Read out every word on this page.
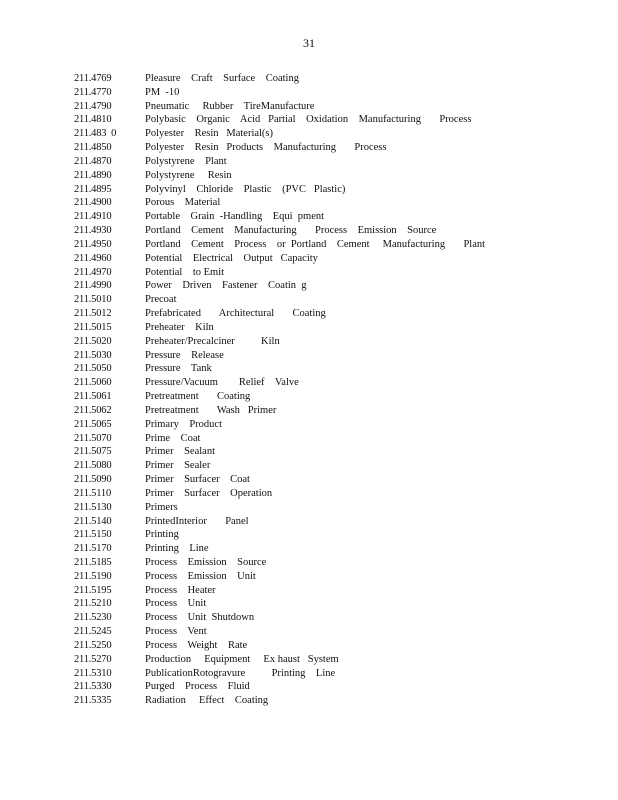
31
211.4769	Pleasure    Craft    Surface    Coating
211.4770	PM  -10
211.4790	Pneumatic     Rubber    TireManufacture
211.4810	Polybasic    Organic    Acid   Partial    Oxidation    Manufacturing       Process
211.483  0	Polyester    Resin   Material(s)
211.4850	Polyester    Resin   Products    Manufacturing       Process
211.4870	Polystyrene    Plant
211.4890	Polystyrene     Resin
211.4895	Polyvinyl    Chloride    Plastic    (PVC   Plastic)
211.4900	Porous    Material
211.4910	Portable    Grain  -Handling    Equi  pment
211.4930	Portland    Cement    Manufacturing       Process    Emission    Source
211.4950	Portland    Cement    Process    or  Portland    Cement     Manufacturing       Plant
211.4960	Potential    Electrical    Output   Capacity
211.4970	Potential    to Emit
211.4990	Power    Driven    Fastener    Coatin  g
211.5010	Precoat
211.5012	Prefabricated       Architectural       Coating
211.5015	Preheater    Kiln
211.5020	Preheater/Precalciner          Kiln
211.5030	Pressure    Release
211.5050	Pressure    Tank
211.5060	Pressure/Vacuum        Relief    Valve
211.5061	Pretreatment       Coating
211.5062	Pretreatment       Wash   Primer
211.5065	Primary    Product
211.5070	Prime    Coat
211.5075	Primer    Sealant
211.5080	Primer    Sealer
211.5090	Primer    Surfacer    Coat
211.5110	Primer    Surfacer    Operation
211.5130	Primers
211.5140	PrintedInterior       Panel
211.5150	Printing
211.5170	Printing    Line
211.5185	Process    Emission    Source
211.5190	Process    Emission    Unit
211.5195	Process    Heater
211.5210	Process    Unit
211.5230	Process    Unit  Shutdown
211.5245	Process    Vent
211.5250	Process    Weight    Rate
211.5270	Production     Equipment     Ex haust   System
211.5310	PublicationRotogravure          Printing    Line
211.5330	Purged    Process    Fluid
211.5335	Radiation     Effect    Coating
